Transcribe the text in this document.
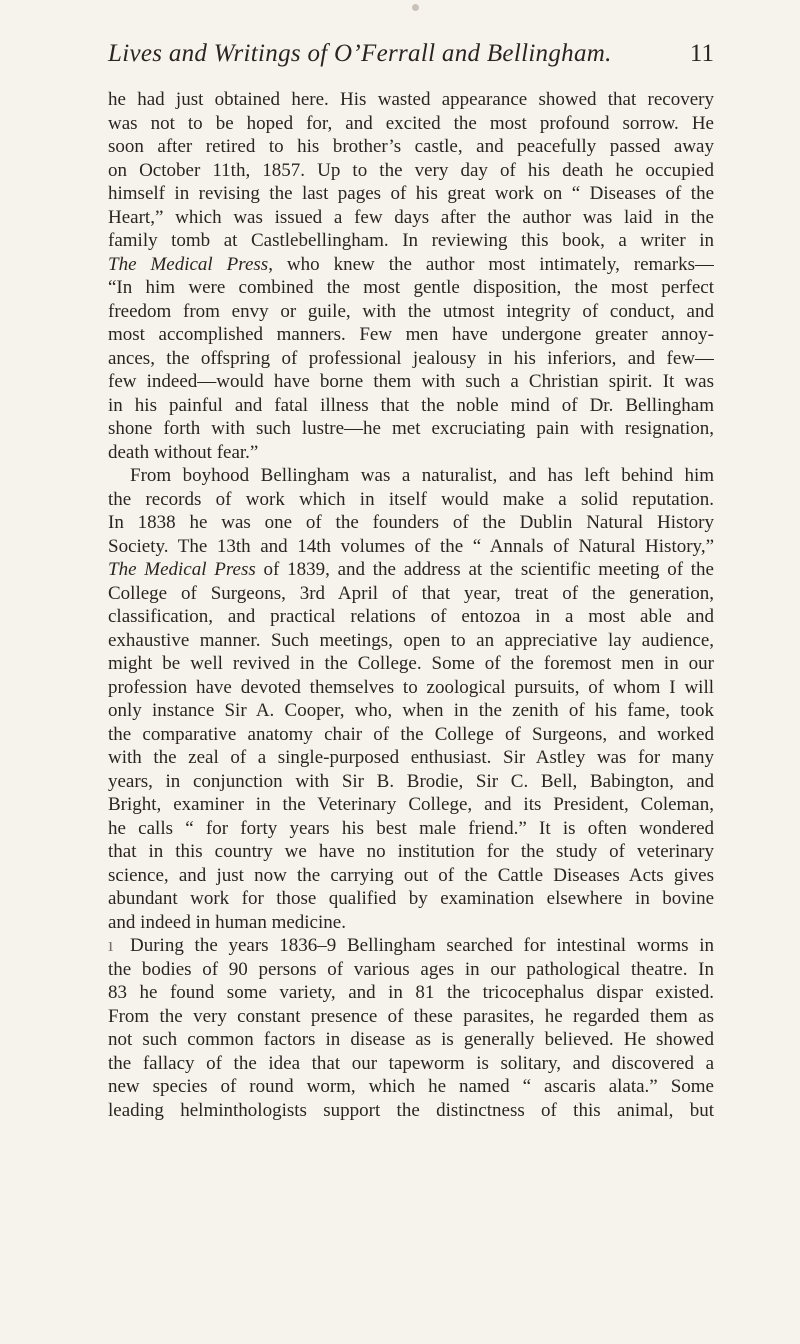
Lives and Writings of O’Ferrall and Bellingham.	11
he had just obtained here. His wasted appearance showed that recovery
was not to be hoped for, and excited the most profound sorrow. He
soon after retired to his brother’s castle, and peacefully passed away
on October 11th, 1857. Up to the very day of his death he occupied
himself in revising the last pages of his great work on “ Diseases of the
Heart,” which was issued a few days after the author was laid in the
family tomb at Castlebellingham. In reviewing this book, a writer in
The Medical Press, who knew the author most intimately, remarks—
“In him were combined the most gentle disposition, the most perfect
freedom from envy or guile, with the utmost integrity of conduct, and
most accomplished manners. Few men have undergone greater annoy-
ances, the offspring of professional jealousy in his inferiors, and few—
few indeed—would have borne them with such a Christian spirit. It was
in his painful and fatal illness that the noble mind of Dr. Bellingham
shone forth with such lustre—he met excruciating pain with resignation,
death without fear.”
From boyhood Bellingham was a naturalist, and has left behind him
the records of work which in itself would make a solid reputation.
In 1838 he was one of the founders of the Dublin Natural History
Society. The 13th and 14th volumes of the “ Annals of Natural History,”
The Medical Press of 1839, and the address at the scientific meeting of the
College of Surgeons, 3rd April of that year, treat of the generation,
classification, and practical relations of entozoa in a most able and
exhaustive manner. Such meetings, open to an appreciative lay audience,
might be well revived in the College. Some of the foremost men in our
profession have devoted themselves to zoological pursuits, of whom I will
only instance Sir A. Cooper, who, when in the zenith of his fame, took
the comparative anatomy chair of the College of Surgeons, and worked
with the zeal of a single-purposed enthusiast. Sir Astley was for many
years, in conjunction with Sir B. Brodie, Sir C. Bell, Babington, and
Bright, examiner in the Veterinary College, and its President, Coleman,
he calls “ for forty years his best male friend.” It is often wondered
that in this country we have no institution for the study of veterinary
science, and just now the carrying out of the Cattle Diseases Acts gives
abundant work for those qualified by examination elsewhere in bovine
and indeed in human medicine.
ı During the years 1836–9 Bellingham searched for intestinal worms in
the bodies of 90 persons of various ages in our pathological theatre. In
83 he found some variety, and in 81 the tricocephalus dispar existed.
From the very constant presence of these parasites, he regarded them as
not such common factors in disease as is generally believed. He showed
the fallacy of the idea that our tapeworm is solitary, and discovered a
new species of round worm, which he named “ ascaris alata.” Some
leading helminthologists support the distinctness of this animal, but
